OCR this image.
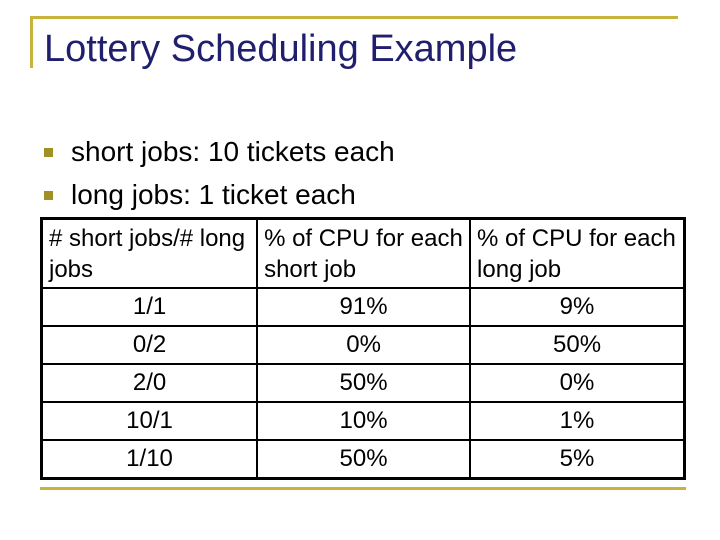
Lottery Scheduling Example
short jobs: 10 tickets each
long jobs: 1 ticket each
# short jobs/# long jobs	% of CPU for each short job	% of CPU for each long job
1/1	91%	9%
0/2	0%	50%
2/0	50%	0%
10/1	10%	1%
1/10	50%	5%
